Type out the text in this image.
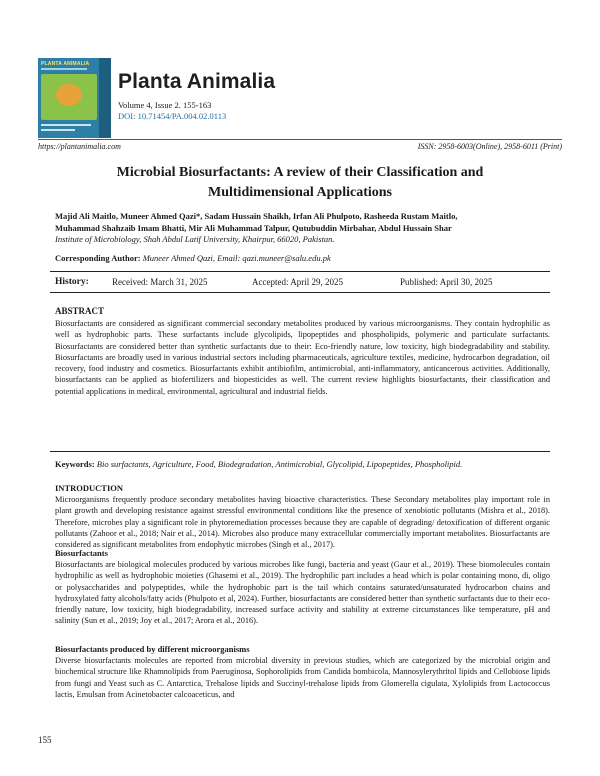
PLANTA ANIMALIA
Planta Animalia
Volume 4, Issue 2. 155-163
DOI: 10.71454/PA.004.02.0113
https://plantanimalia.com	ISSN: 2958-6003(Online), 2958-6011 (Print)
Microbial Biosurfactants: A review of their Classification and
Multidimensional Applications
Majid Ali Maitlo, Muneer Ahmed Qazi*, Sadam Hussain Shaikh, Irfan Ali Phulpoto, Rasheeda Rustam Maitlo,
Muhammad Shahzaib Imam Bhatti, Mir Ali Muhammad Talpur, Qutubuddin Mirbahar, Abdul Hussain Shar
Institute of Microbiology, Shah Abdul Latif University, Khairpur, 66020, Pakistan.
Corresponding Author: Muneer Ahmed Qazi, Email: qazi.muneer@salu.edu.pk
History:	Received: March 31, 2025	Accepted: April 29, 2025	Published: April 30, 2025
ABSTRACT
Biosurfactants are considered as significant commercial secondary metabolites produced by various microorganisms. They contain hydrophilic as well as hydrophobic parts. These surfactants include glycolipids, lipopeptides and phospholipids, polymeric and particulate surfactants. Biosurfactants are considered better than synthetic surfactants due to their: Eco-friendly nature, low toxicity, high biodegradability and stability. Biosurfactants are broadly used in various industrial sectors including pharmaceuticals, agriculture textiles, medicine, hydrocarbon degradation, oil recovery, food industry and cosmetics. Biosurfactants exhibit antibiofilm, antimicrobial, anti-inflammatory, anticancerous activities. Additionally, biosurfactants can be applied as biofertilizers and biopesticides as well. The current review highlights biosurfactants, their classification and potential applications in medical, environmental, agricultural and industrial fields.
Keywords: Bio surfactants, Agriculture, Food, Biodegradation, Antimicrobial, Glycolipid, Lipopeptides, Phospholipid.
INTRODUCTION
Microorganisms frequently produce secondary metabolites having bioactive characteristics. These Secondary metabolites play important role in plant growth and developing resistance against stressful environmental conditions like the presence of xenobiotic pollutants (Mishra et al., 2018). Therefore, microbes play a significant role in phytoremediation processes because they are capable of degrading/ detoxification of different organic pollutants (Zahoor et al., 2018; Nair et al., 2014). Microbes also produce many extracellular commercially important metabolites. Biosurfactants are considered as significant metabolites from endophytic microbes (Singh et al., 2017).
Biosurfactants
Biosurfactants are biological molecules produced by various microbes like fungi, bacteria and yeast (Gaur et al., 2019). These biomolecules contain hydrophilic as well as hydrophobic moieties (Ghasemi et al., 2019). The hydrophilic part includes a head which is polar containing mono, di, oligo or polysaccharides and polypeptides, while the hydrophobic part is the tail which contains saturated/unsaturated hydrocarbon chains and hydroxylated fatty alcohols/fatty acids (Phulpoto et al, 2024). Further, biosurfactants are considered better than synthetic surfactants due to their eco-friendly nature, low toxicity, high biodegradability, increased surface activity and stability at extreme circumstances like temperature, pH and salinity (Sun et al., 2019; Joy et al., 2017; Arora et al., 2016).
Biosurfactants produced by different microorganisms
Diverse biosurfactants molecules are reported from microbial diversity in previous studies, which are categorized by the microbial origin and biochemical structure like Rhamnolipids from Paeruginosa, Sophorolipids from Candida bombicola, Mannosylerythritol lipids and Cellobiose lipids from fungi and Yeast such as C. Antarctica, Trehalose lipids and Succinyl-trehalose lipids from Glomerella cigulata, Xylolipids from Lactococcus lactis, Emulsan from Acinetobacter calcoaceticus, and
155
